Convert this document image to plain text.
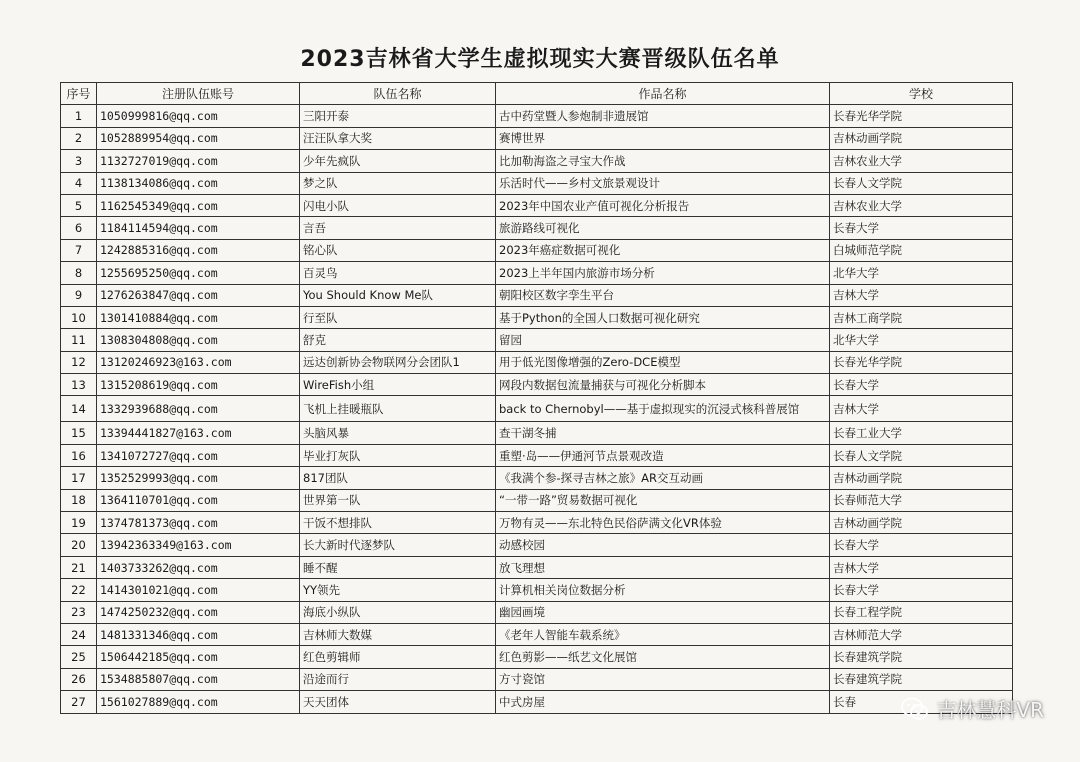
2023吉林省大学生虚拟现实大赛晋级队伍名单
序号	注册队伍账号	队伍名称	作品名称	学校
1	1050999816@qq.com	三阳开泰	古中药堂暨人参炮制非遗展馆	长春光华学院
2	1052889954@qq.com	汪汪队拿大奖	赛博世界	吉林动画学院
3	1132727019@qq.com	少年先疯队	比加勒海盗之寻宝大作战	吉林农业大学
4	1138134086@qq.com	梦之队	乐活时代——乡村文旅景观设计	长春人文学院
5	1162545349@qq.com	闪电小队	2023年中国农业产值可视化分析报告	吉林农业大学
6	1184114594@qq.com	言吾	旅游路线可视化	长春大学
7	1242885316@qq.com	铭心队	2023年癌症数据可视化	白城师范学院
8	1255695250@qq.com	百灵鸟	2023上半年国内旅游市场分析	北华大学
9	1276263847@qq.com	You Should Know Me队	朝阳校区数字孪生平台	吉林大学
10	1301410884@qq.com	行至队	基于Python的全国人口数据可视化研究	吉林工商学院
11	1308304808@qq.com	舒克	留园	北华大学
12	13120246923@163.com	远达创新协会物联网分会团队1	用于低光图像增强的Zero-DCE模型	长春光华学院
13	1315208619@qq.com	WireFish小组	网段内数据包流量捕获与可视化分析脚本	长春大学
14	1332939688@qq.com	飞机上挂暖瓶队	back to Chernobyl——基于虚拟现实的沉浸式核科普展馆	吉林大学
15	13394441827@163.com	头脑风暴	查干湖冬捕	长春工业大学
16	1341072727@qq.com	毕业打灰队	重塑·岛——伊通河节点景观改造	长春人文学院
17	1352529993@qq.com	817团队	《我满个参-探寻吉林之旅》AR交互动画	吉林动画学院
18	1364110701@qq.com	世界第一队	“一带一路”贸易数据可视化	长春师范大学
19	1374781373@qq.com	干饭不想排队	万物有灵——东北特色民俗萨满文化VR体验	吉林动画学院
20	13942363349@163.com	长大新时代逐梦队	动感校园	长春大学
21	1403733262@qq.com	睡不醒	放飞理想	吉林大学
22	1414301021@qq.com	YY领先	计算机相关岗位数据分析	长春大学
23	1474250232@qq.com	海底小纵队	幽园画境	长春工程学院
24	1481331346@qq.com	吉林师大数媒	《老年人智能车载系统》	吉林师范大学
25	1506442185@qq.com	红色剪辑师	红色剪影——纸艺文化展馆	长春建筑学院
26	1534885807@qq.com	沿途而行	方寸瓷馆	长春建筑学院
27	1561027889@qq.com	天天团体	中式房屋	长春	吉林慧科VR
